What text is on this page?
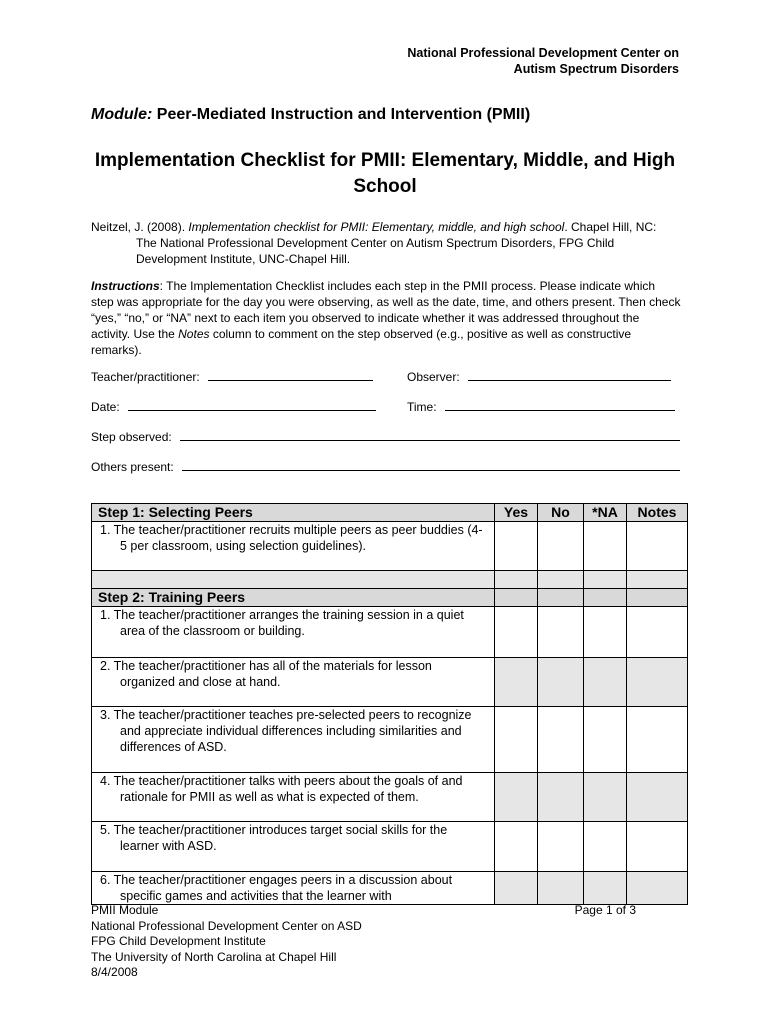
National Professional Development Center on
Autism Spectrum Disorders
Module: Peer-Mediated Instruction and Intervention (PMII)
Implementation Checklist for PMII: Elementary, Middle, and High School
Neitzel, J. (2008). Implementation checklist for PMII: Elementary, middle, and high school. Chapel Hill, NC: The National Professional Development Center on Autism Spectrum Disorders, FPG Child Development Institute, UNC-Chapel Hill.
Instructions: The Implementation Checklist includes each step in the PMII process. Please indicate which step was appropriate for the day you were observing, as well as the date, time, and others present. Then check “yes,” “no,” or “NA” next to each item you observed to indicate whether it was addressed throughout the activity. Use the Notes column to comment on the step observed (e.g., positive as well as constructive remarks).
Teacher/practitioner:	Observer:
Date:	Time:
Step observed:
Others present:
Step 1: Selecting Peers	Yes	No	*NA	Notes

1. The teacher/practitioner recruits multiple peers as peer buddies (4-5 per classroom, using selection guidelines).				

Step 2: Training Peers				

1. The teacher/practitioner arranges the training session in a quiet area of the classroom or building.				

2. The teacher/practitioner has all of the materials for lesson organized and close at hand.				

3. The teacher/practitioner teaches pre-selected peers to recognize and appreciate individual differences including similarities and differences of ASD.				

4. The teacher/practitioner talks with peers about the goals of and rationale for PMII as well as what is expected of them.				

5. The teacher/practitioner introduces target social skills for the learner with ASD.				

6. The teacher/practitioner engages peers in a discussion about specific games and activities that the learner with				

PMII Module
National Professional Development Center on ASD
FPG Child Development Institute
The University of North Carolina at Chapel Hill
8/4/2008
Page 1 of 3
